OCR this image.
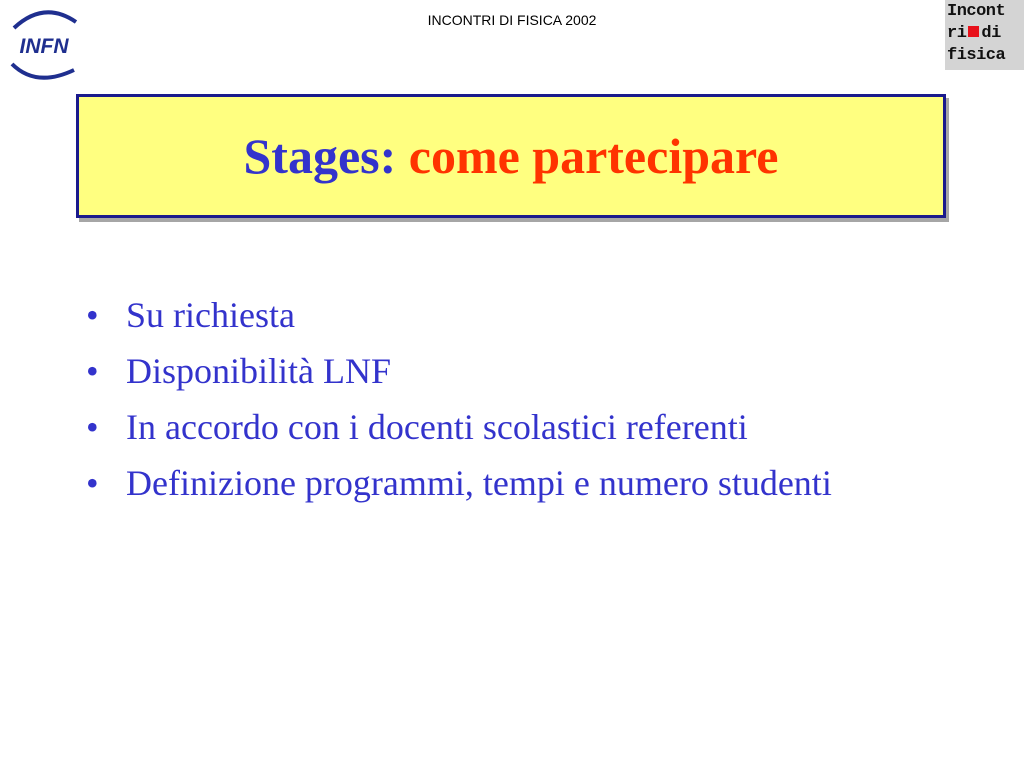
INFN
INCONTRI DI FISICA 2002	Incont
ri di
fisica
Stages:
come partecipare
• Su richiesta
• Disponibilità LNF
• In accordo con i docenti scolastici referenti
• Definizione programmi, tempi e numero studenti
